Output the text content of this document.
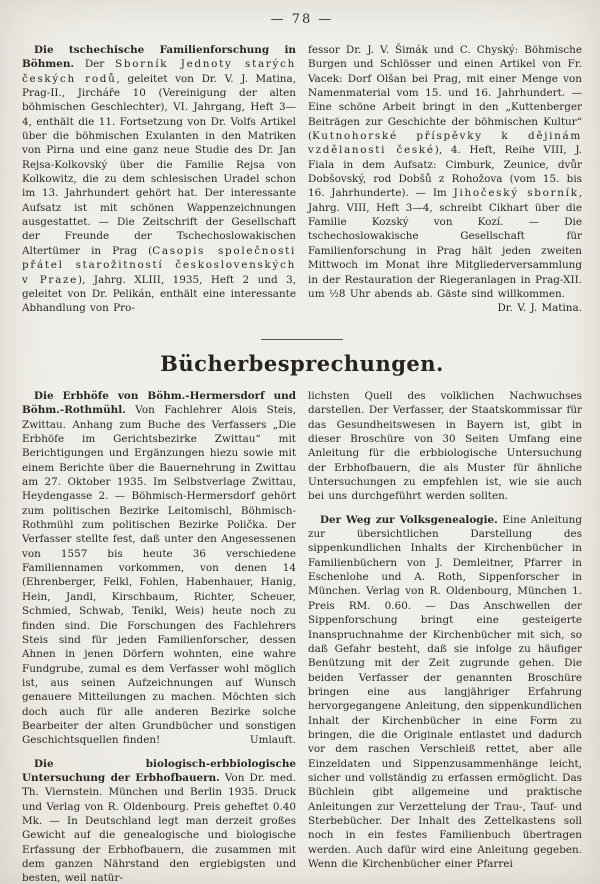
— 78 —

Die tschechische Familienforschung in Böhmen. Der Sborník Jednoty starých českých rodů, geleitet von Dr. V. J. Matina, Prag-II., Jircháře 10 (Vereinigung der alten böhmischen Geschlechter), VI. Jahrgang, Heft 3—4, enthält die 11. Fortsetzung von Dr. Volfs Artikel über die böhmischen Exulanten in den Matriken von Pirna und eine ganz neue Studie des Dr. Jan Rejsa-Kolkovský über die Familie Rejsa von Kolkowitz, die zu dem schlesischen Uradel schon im 13. Jahrhundert gehört hat. Der interessante Aufsatz ist mit schönen Wappenzeichnungen ausgestattet. — Die Zeitschrift der Gesellschaft der Freunde der Tschechoslowakischen Altertümer in Prag (Casopis společnosti přátel starožitností československých v Praze), Jahrg. XLIII, 1935, Heft 2 und 3, geleitet von Dr. Pelikán, enthält eine interessante Abhandlung von Pro-

fessor Dr. J. V. Šimák und C. Chyský: Böhmische Burgen und Schlösser und einen Artikel von Fr. Vacek: Dorf Olšan bei Prag, mit einer Menge von Namenmaterial vom 15. und 16. Jahrhundert. — Eine schöne Arbeit bringt in den „Kuttenberger Beiträgen zur Geschichte der böhmischen Kultur“ (Kutnohorské příspěvky k dějinám vzdělanosti české), 4. Heft, Reihe VIII, J. Fiala in dem Aufsatz: Cimburk, Zeunice, dvůr Dobšovský, rod Dobšů z Rohožova (vom 15. bis 16. Jahrhunderte). — Im Jihočeský sborník, Jahrg. VIII, Heft 3—4, schreibt Cikhart über die Familie Kozský von Kozí. — Die tschechoslowakische Gesellschaft für Familienforschung in Prag hält jeden zweiten Mittwoch im Monat ihre Mitgliederversammlung in der Restauration der Riegeranlagen in Prag-XII. um ½8 Uhr abends ab. Gäste sind willkommen.
Dr. V. J. Matina.

Bücherbesprechungen.

Die Erbhöfe von Böhm.-Hermersdorf und Böhm.-Rothmühl. Von Fachlehrer Alois Steis, Zwittau. Anhang zum Buche des Verfassers „Die Erbhöfe im Gerichtsbezirke Zwittau“ mit Berichtigungen und Ergänzungen hiezu sowie mit einem Berichte über die Bauernehrung in Zwittau am 27. Oktober 1935. Im Selbstverlage Zwittau, Heydengasse 2. — Böhmisch-Hermersdorf gehört zum politischen Bezirke Leitomischl, Böhmisch-Rothmühl zum politischen Bezirke Polička. Der Verfasser stellte fest, daß unter den Angesessenen von 1557 bis heute 36 verschiedene Familiennamen vorkommen, von denen 14 (Ehrenberger, Felkl, Fohlen, Habenhauer, Hanig, Hein, Jandl, Kirschbaum, Richter, Scheuer, Schmied, Schwab, Tenikl, Weis) heute noch zu finden sind. Die Forschungen des Fachlehrers Steis sind für jeden Familienforscher, dessen Ahnen in jenen Dörfern wohnten, eine wahre Fundgrube, zumal es dem Verfasser wohl möglich ist, aus seinen Aufzeichnungen auf Wunsch genauere Mitteilungen zu machen. Möchten sich doch auch für alle anderen Bezirke solche Bearbeiter der alten Grundbücher und sonstigen Geschichtsquellen finden!	Umlauft.

Die biologisch-erbbiologische Untersuchung der Erbhofbauern. Von Dr. med. Th. Viernstein. München und Berlin 1935. Druck und Verlag von R. Oldenbourg. Preis geheftet 0.40 Mk. — In Deutschland legt man derzeit großes Gewicht auf die genealogische und biologische Erfassung der Erbhofbauern, die zusammen mit dem ganzen Nährstand den ergiebigsten und besten, weil natür-

lichsten Quell des volklichen Nachwuchses darstellen. Der Verfasser, der Staatskommissar für das Gesundheitswesen in Bayern ist, gibt in dieser Broschüre von 30 Seiten Umfang eine Anleitung für die erbbiologische Untersuchung der Erbhofbauern, die als Muster für ähnliche Untersuchungen zu empfehlen ist, wie sie auch bei uns durchgeführt werden sollten.

Der Weg zur Volksgenealogie. Eine Anleitung zur übersichtlichen Darstellung des sippenkundlichen Inhalts der Kirchenbücher in Familienbüchern von J. Demleitner, Pfarrer in Eschenlohe und A. Roth, Sippenforscher in München. Verlag von R. Oldenbourg, München 1. Preis RM. 0.60. — Das Anschwellen der Sippenforschung bringt eine gesteigerte Inanspruchnahme der Kirchenbücher mit sich, so daß Gefahr besteht, daß sie infolge zu häufiger Benützung mit der Zeit zugrunde gehen. Die beiden Verfasser der genannten Broschüre bringen eine aus langjähriger Erfahrung hervorgegangene Anleitung, den sippenkundlichen Inhalt der Kirchenbücher in eine Form zu bringen, die die Originale entlastet und dadurch vor dem raschen Verschleiß rettet, aber alle Einzeldaten und Sippenzusammenhänge leicht, sicher und vollständig zu erfassen ermöglicht. Das Büchlein gibt allgemeine und praktische Anleitungen zur Verzettelung der Trau-, Tauf- und Sterbebücher. Der Inhalt des Zettelkastens soll noch in ein festes Familienbuch übertragen werden. Auch dafür wird eine Anleitung gegeben. Wenn die Kirchenbücher einer Pfarrei
